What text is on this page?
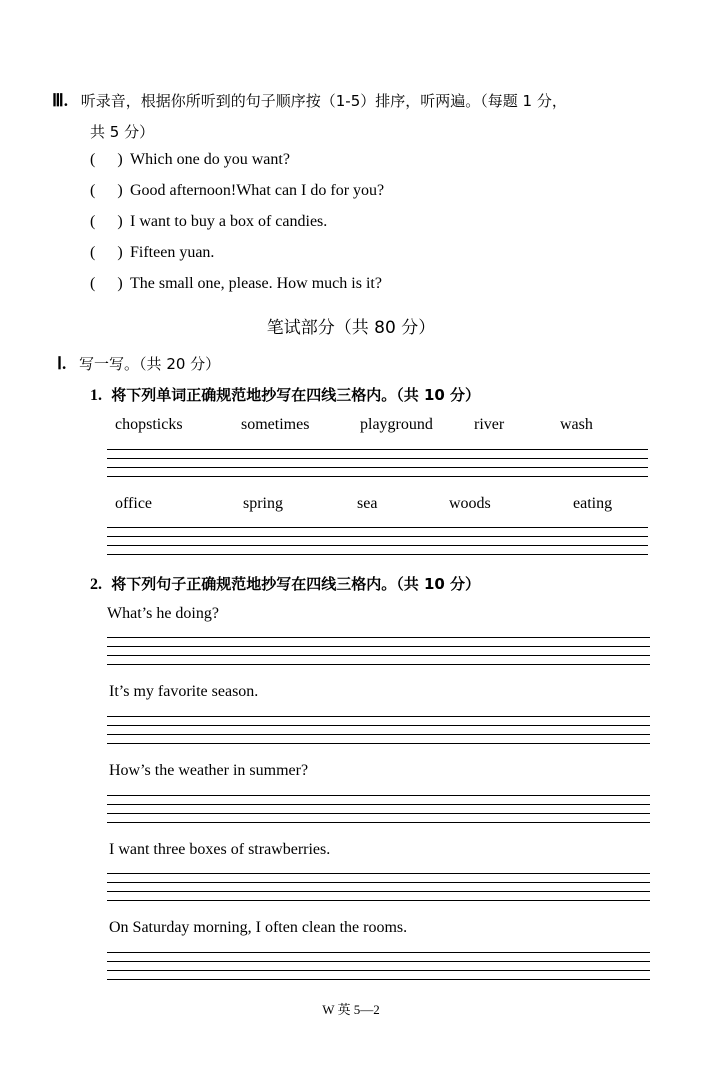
Ⅲ. 听录音，根据你所听到的句子顺序按（1-5）排序，听两遍。（每题 1 分，
共 5 分）
( ) Which one do you want?
( ) Good afternoon!What can I do for you?
( ) I want to buy a box of candies.
( ) Fifteen yuan.
( ) The small one, please. How much is it?
笔试部分（共 80 分）
Ⅰ. 写一写。（共 20 分）
1. 将下列单词正确规范地抄写在四线三格内。（共 10 分）
chopsticks	sometimes	playground	river	wash
office	spring	sea	woods	eating
2. 将下列句子正确规范地抄写在四线三格内。（共 10 分）
What’s he doing?
It’s my favorite season.
How’s the weather in summer?
I want three boxes of strawberries.
On Saturday morning, I often clean the rooms.
W 英 5—2
